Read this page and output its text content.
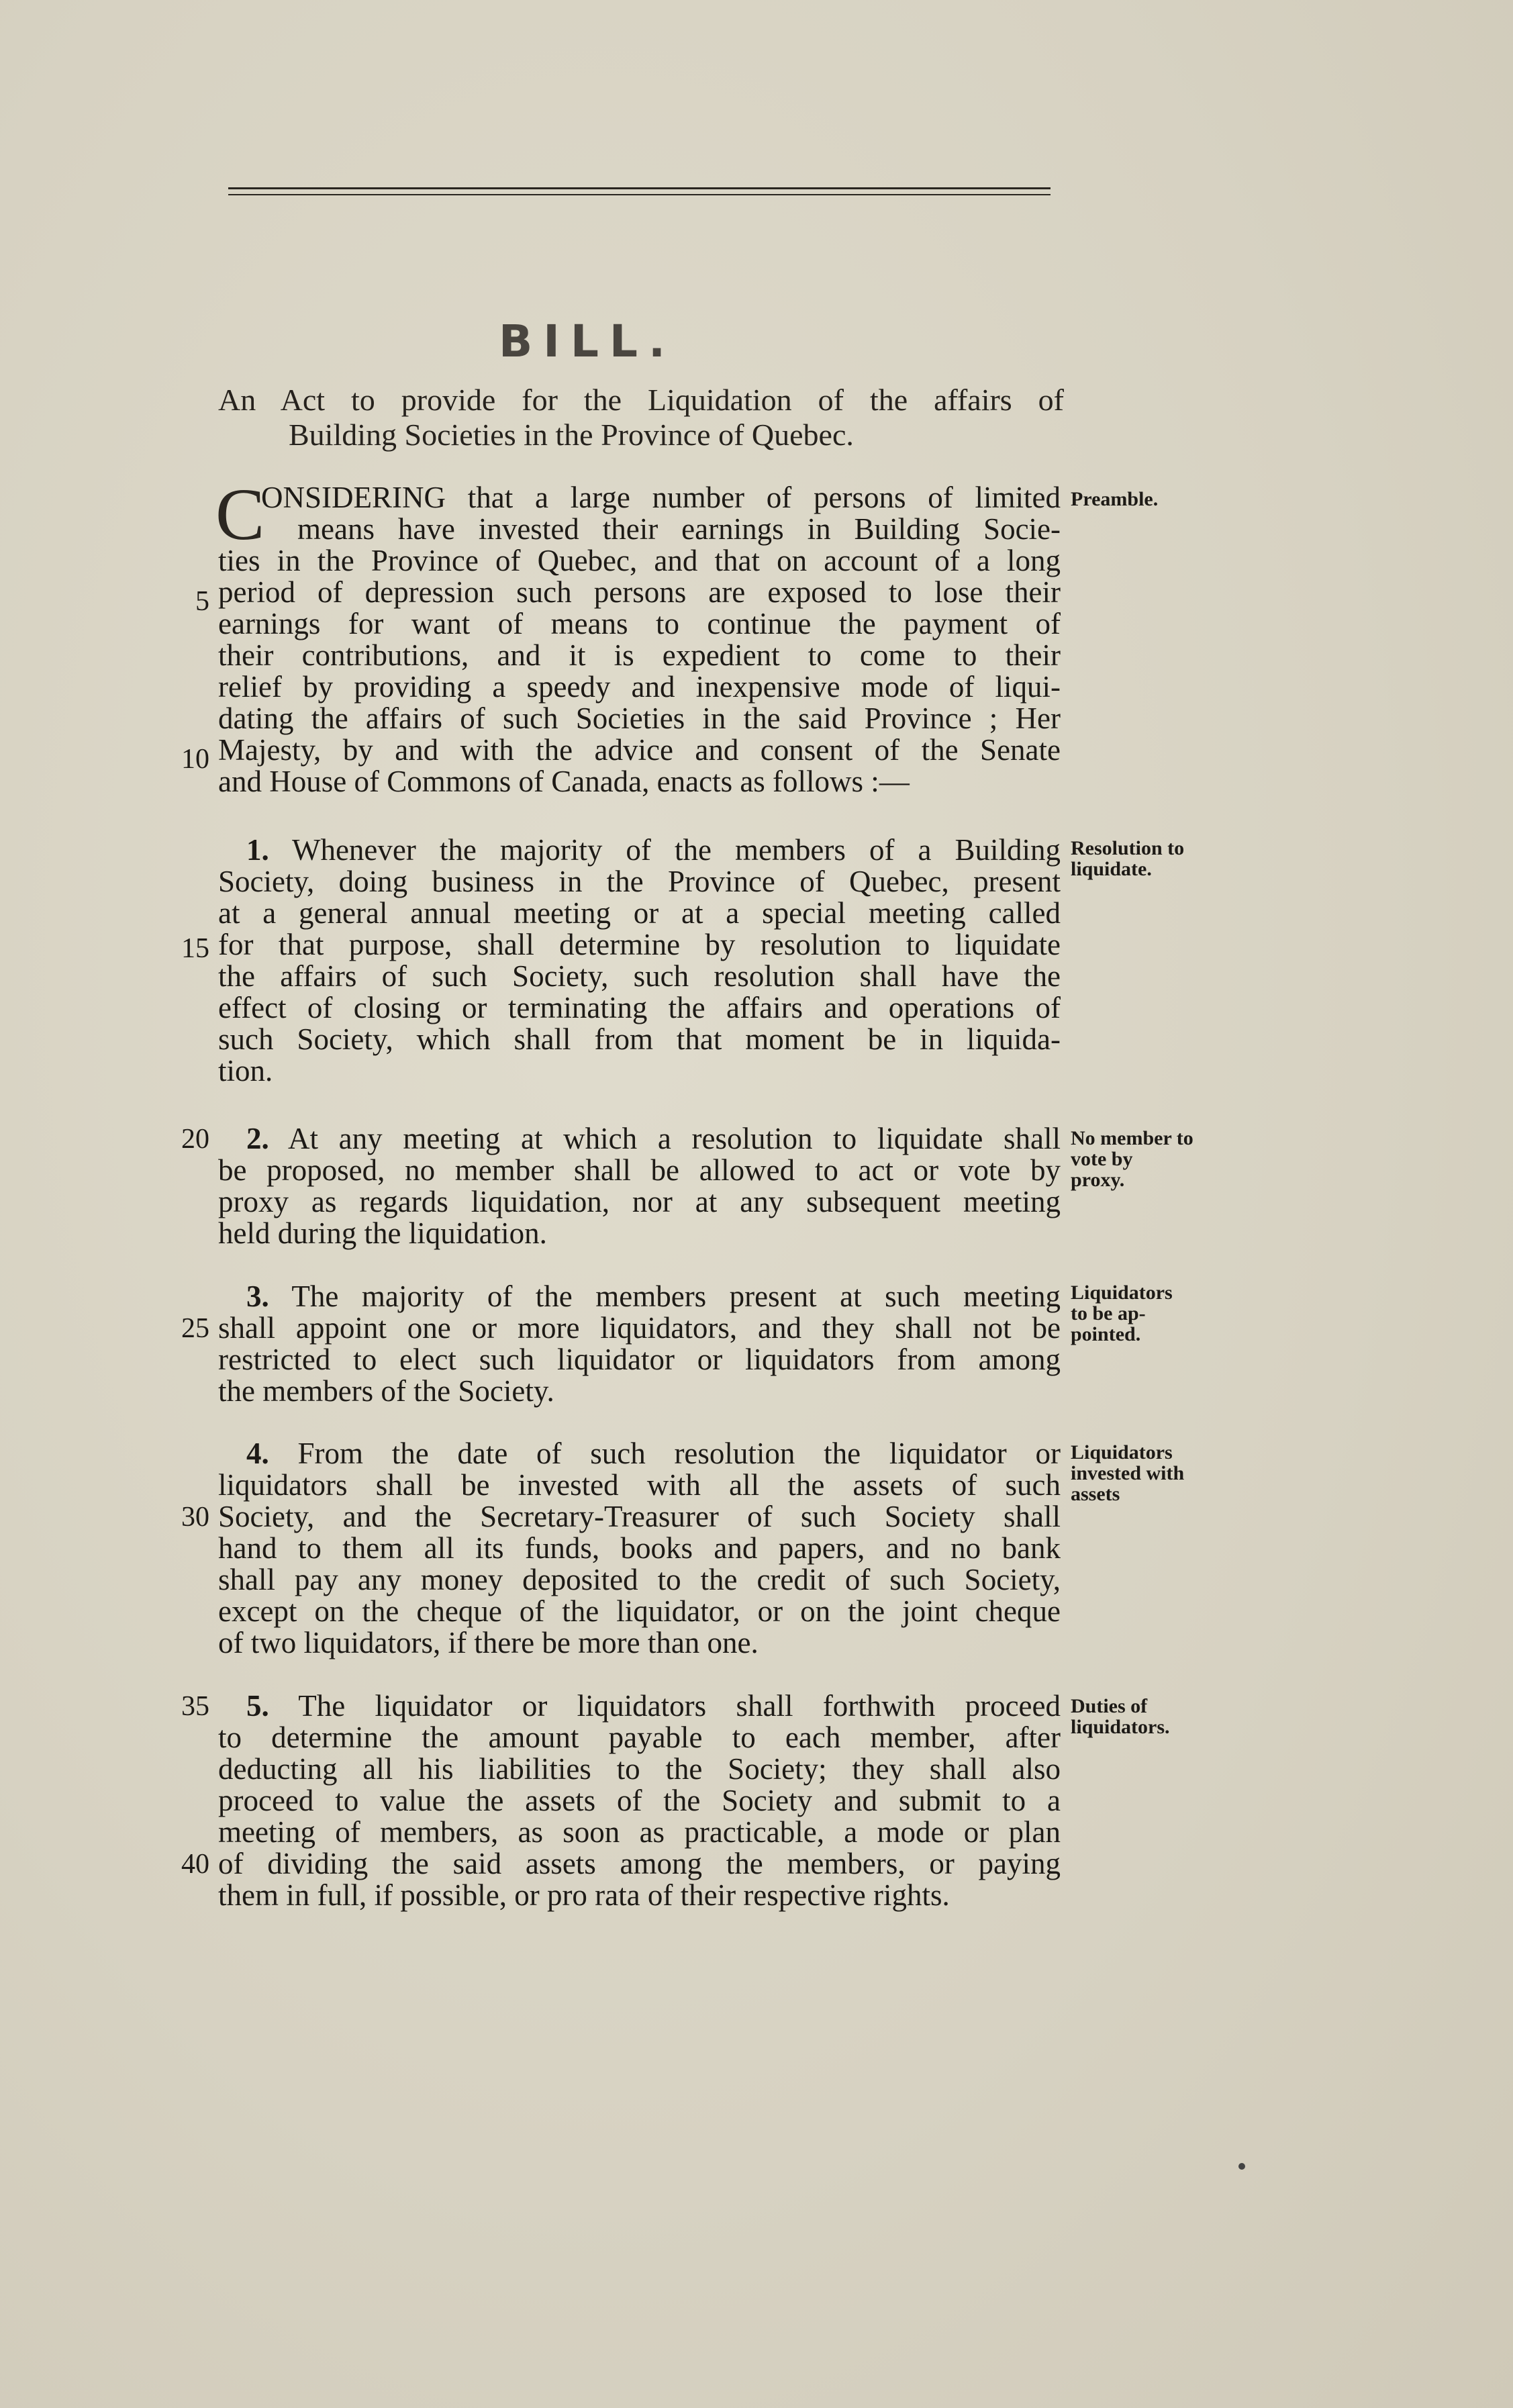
BILL.
An Act to provide for the Liquidation of the affairs of
Building Societies in the Province of Quebec.
C
ONSIDERING that a large number of persons of limited
means have invested their earnings in Building Socie-
ties in the Province of Quebec, and that on account of a long
period of depression such persons are exposed to lose their
earnings for want of means to continue the payment of
their contributions, and it is expedient to come to their
relief by providing a speedy and inexpensive mode of liqui-
dating the affairs of such Societies in the said Province ; Her
Majesty, by and with the advice and consent of the Senate
and House of Commons of Canada, enacts as follows :—
Preamble.
1. Whenever the majority of the members of a Building
Society, doing business in the Province of Quebec, present
at a general annual meeting or at a special meeting called
for that purpose, shall determine by resolution to liquidate
the affairs of such Society, such resolution shall have the
effect of closing or terminating the affairs and operations of
such Society, which shall from that moment be in liquida-
tion.
Resolution to
liquidate.
2. At any meeting at which a resolution to liquidate shall
be proposed, no member shall be allowed to act or vote by
proxy as regards liquidation, nor at any subsequent meeting
held during the liquidation.
No member to
vote by
proxy.
3. The majority of the members present at such meeting
shall appoint one or more liquidators, and they shall not be
restricted to elect such liquidator or liquidators from among
the members of the Society.
Liquidators
to be ap-
pointed.
4. From the date of such resolution the liquidator or
liquidators shall be invested with all the assets of such
Society, and the Secretary-Treasurer of such Society shall
hand to them all its funds, books and papers, and no bank
shall pay any money deposited to the credit of such Society,
except on the cheque of the liquidator, or on the joint cheque
of two liquidators, if there be more than one.
Liquidators
invested with
assets
5. The liquidator or liquidators shall forthwith proceed
to determine the amount payable to each member, after
deducting all his liabilities to the Society; they shall also
proceed to value the assets of the Society and submit to a
meeting of members, as soon as practicable, a mode or plan
of dividing the said assets among the members, or paying
them in full, if possible, or pro rata of their respective rights.
Duties of
liquidators.
5
10
15
20
25
30
35
40
